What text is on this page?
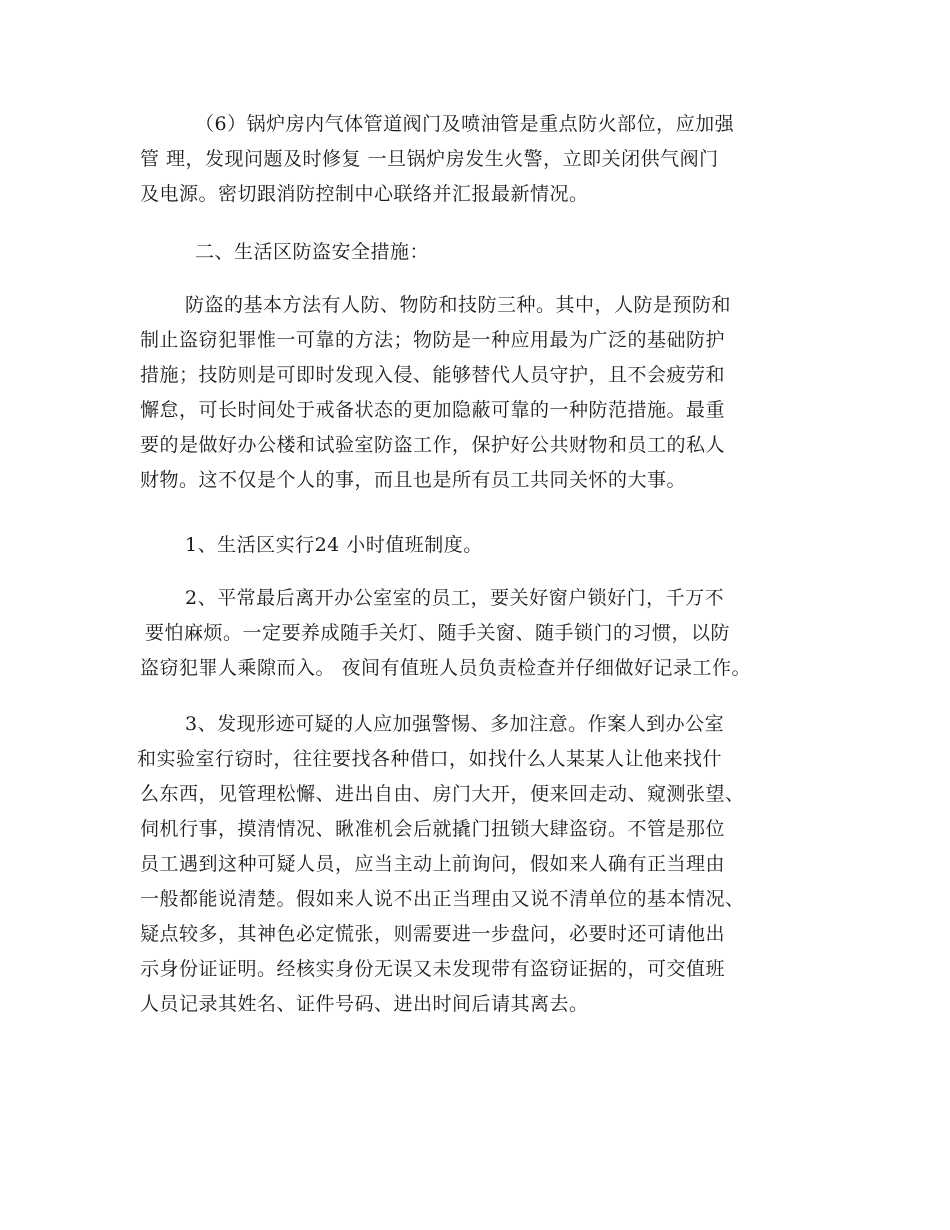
（6）锅炉房内气体管道阀门及喷油管是重点防火部位，应加强
管 理，发现问题及时修复 一旦锅炉房发生火警，立即关闭供气阀门
及电源。密切跟消防控制中心联络并汇报最新情况。
二、生活区防盗安全措施：
防盗的基本方法有人防、物防和技防三种。其中，人防是预防和
制止盗窃犯罪惟一可靠的方法；物防是一种应用最为广泛的基础防护
措施；技防则是可即时发现入侵、能够替代人员守护，且不会疲劳和
懈怠，可长时间处于戒备状态的更加隐蔽可靠的一种防范措施。最重
要的是做好办公楼和试验室防盗工作，保护好公共财物和员工的私人
财物。这不仅是个人的事，而且也是所有员工共同关怀的大事。
1、生活区实行24 小时值班制度。
2、平常最后离开办公室室的员工，要关好窗户锁好门，千万不
要怕麻烦。一定要养成随手关灯、随手关窗、随手锁门的习惯，以防
盗窃犯罪人乘隙而入。 夜间有值班人员负责检查并仔细做好记录工作。
3、发现形迹可疑的人应加强警惕、多加注意。作案人到办公室
和实验室行窃时，往往要找各种借口，如找什么人某某人让他来找什
么东西，见管理松懈、进出自由、房门大开，便来回走动、窥测张望、
伺机行事，摸清情况、瞅准机会后就撬门扭锁大肆盗窃。不管是那位
员工遇到这种可疑人员，应当主动上前询问，假如来人确有正当理由
一般都能说清楚。假如来人说不出正当理由又说不清单位的基本情况、
疑点较多，其神色必定慌张，则需要进一步盘问，必要时还可请他出
示身份证证明。经核实身份无误又未发现带有盗窃证据的，可交值班
人员记录其姓名、证件号码、进出时间后请其离去。
